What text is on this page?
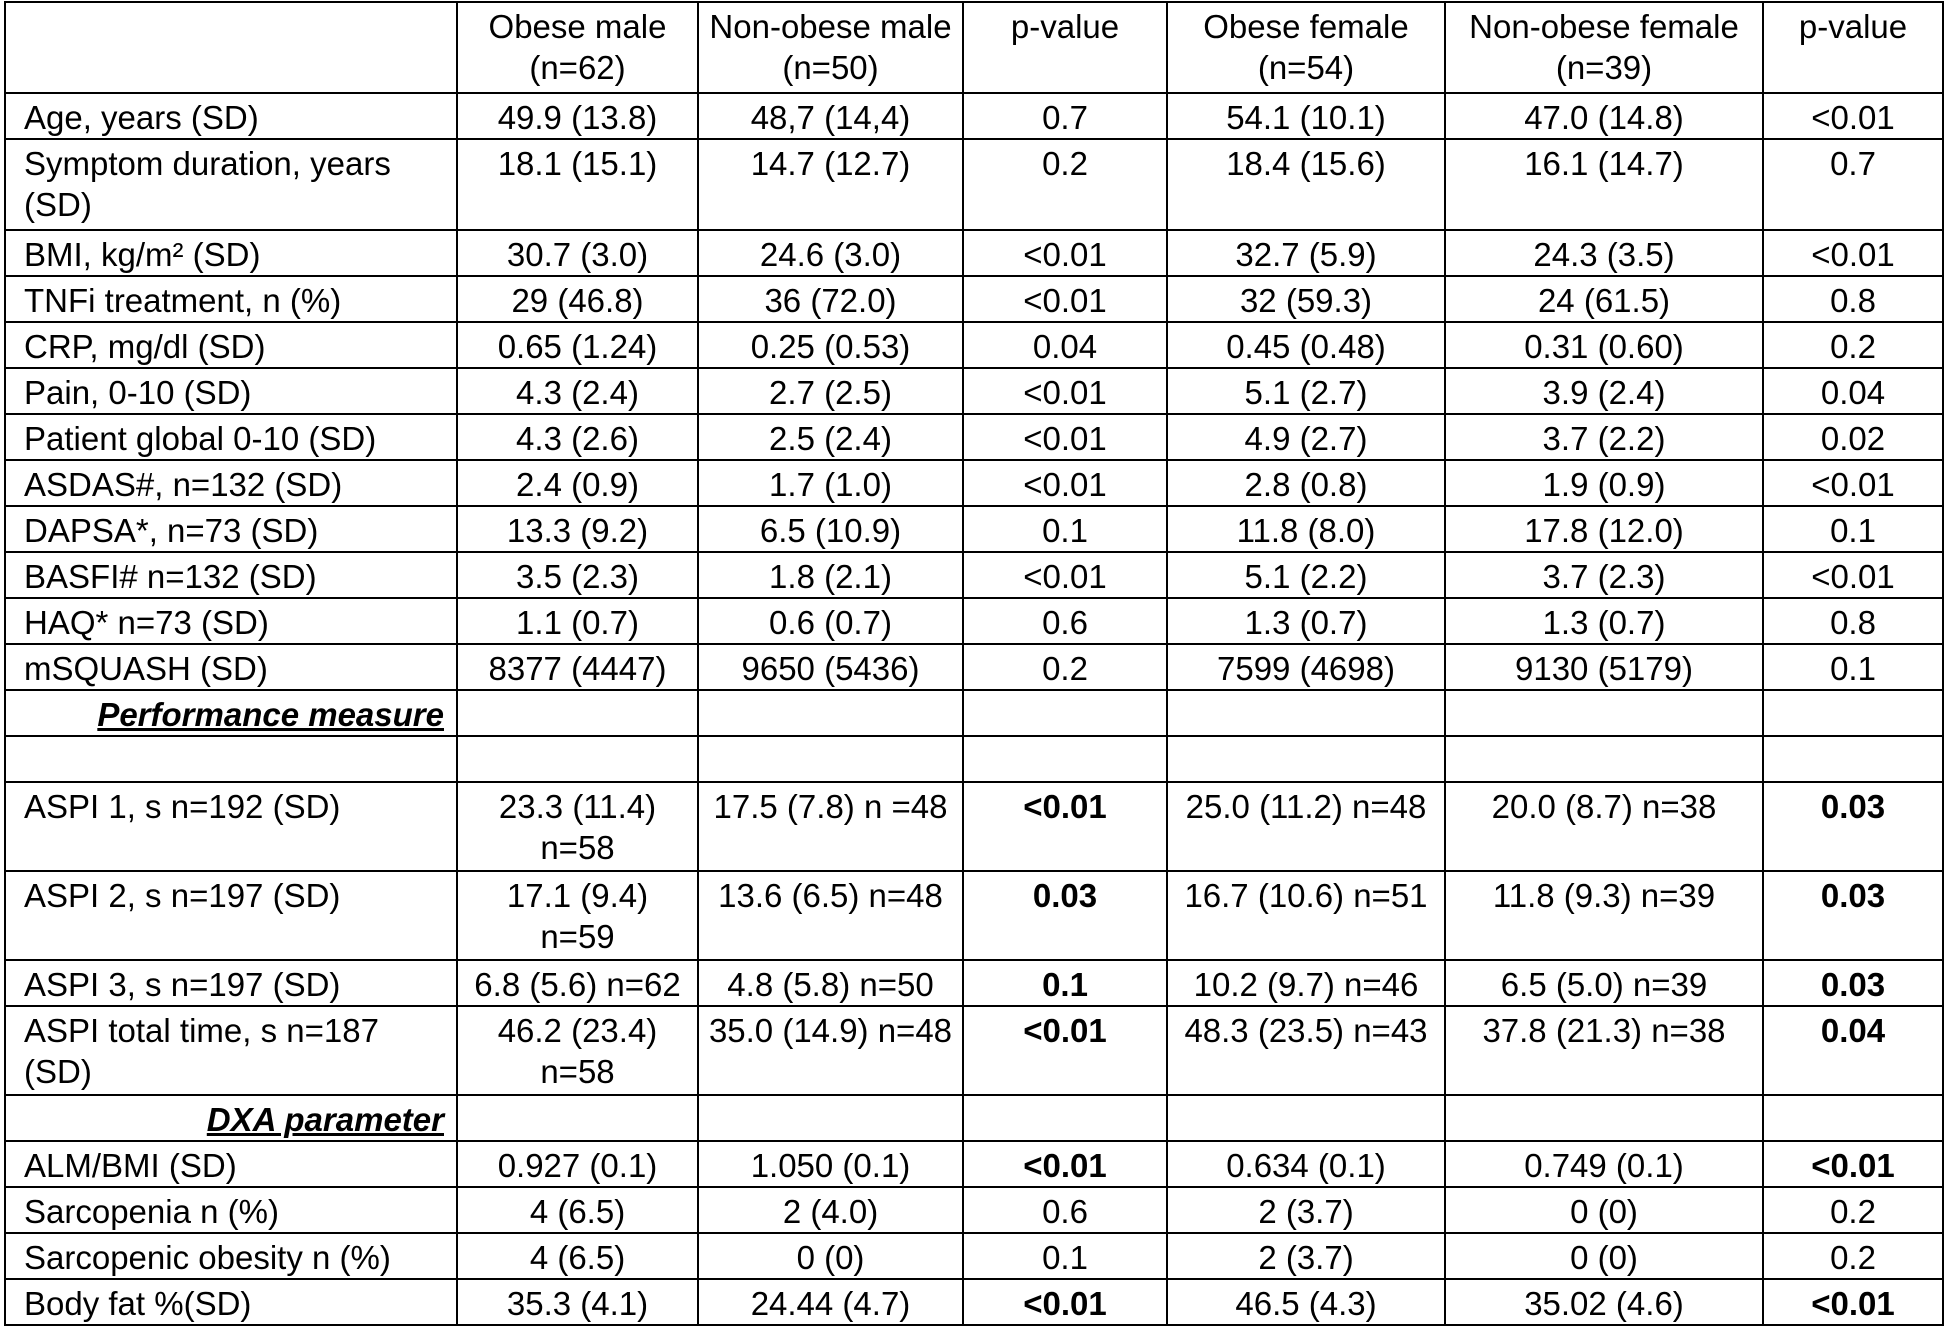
	Obese male (n=62)	Non-obese male (n=50)	p-value	Obese female (n=54)	Non-obese female (n=39)	p-value
Age, years (SD)	49.9 (13.8)	48,7 (14,4)	0.7	54.1 (10.1)	47.0 (14.8)	<0.01
Symptom duration, years (SD)	18.1 (15.1)	14.7 (12.7)	0.2	18.4 (15.6)	16.1 (14.7)	0.7
BMI, kg/m² (SD)	30.7 (3.0)	24.6 (3.0)	<0.01	32.7 (5.9)	24.3 (3.5)	<0.01
TNFi treatment, n (%)	29 (46.8)	36 (72.0)	<0.01	32 (59.3)	24 (61.5)	0.8
CRP, mg/dl (SD)	0.65 (1.24)	0.25 (0.53)	0.04	0.45 (0.48)	0.31 (0.60)	0.2
Pain, 0-10 (SD)	4.3 (2.4)	2.7 (2.5)	<0.01	5.1 (2.7)	3.9 (2.4)	0.04
Patient global 0-10 (SD)	4.3 (2.6)	2.5 (2.4)	<0.01	4.9 (2.7)	3.7 (2.2)	0.02
ASDAS#, n=132 (SD)	2.4 (0.9)	1.7 (1.0)	<0.01	2.8 (0.8)	1.9 (0.9)	<0.01
DAPSA*, n=73 (SD)	13.3 (9.2)	6.5 (10.9)	0.1	11.8 (8.0)	17.8 (12.0)	0.1
BASFI# n=132 (SD)	3.5 (2.3)	1.8 (2.1)	<0.01	5.1 (2.2)	3.7 (2.3)	<0.01
HAQ* n=73 (SD)	1.1 (0.7)	0.6 (0.7)	0.6	1.3 (0.7)	1.3 (0.7)	0.8
mSQUASH (SD)	8377 (4447)	9650 (5436)	0.2	7599 (4698)	9130 (5179)	0.1
Performance measure						

ASPI 1, s n=192 (SD)	23.3 (11.4) n=58	17.5 (7.8) n =48	<0.01	25.0 (11.2) n=48	20.0 (8.7) n=38	0.03
ASPI 2, s n=197 (SD)	17.1 (9.4) n=59	13.6 (6.5) n=48	0.03	16.7 (10.6) n=51	11.8 (9.3) n=39	0.03
ASPI 3, s n=197 (SD)	6.8 (5.6) n=62	4.8 (5.8) n=50	0.1	10.2 (9.7) n=46	6.5 (5.0) n=39	0.03
ASPI total time, s n=187 (SD)	46.2 (23.4) n=58	35.0 (14.9) n=48	<0.01	48.3 (23.5) n=43	37.8 (21.3) n=38	0.04
DXA parameter						
ALM/BMI (SD)	0.927 (0.1)	1.050 (0.1)	<0.01	0.634 (0.1)	0.749 (0.1)	<0.01
Sarcopenia n (%)	4 (6.5)	2 (4.0)	0.6	2 (3.7)	0 (0)	0.2
Sarcopenic obesity n (%)	4 (6.5)	0 (0)	0.1	2 (3.7)	0 (0)	0.2
Body fat %(SD)	35.3 (4.1)	24.44 (4.7)	<0.01	46.5 (4.3)	35.02 (4.6)	<0.01
